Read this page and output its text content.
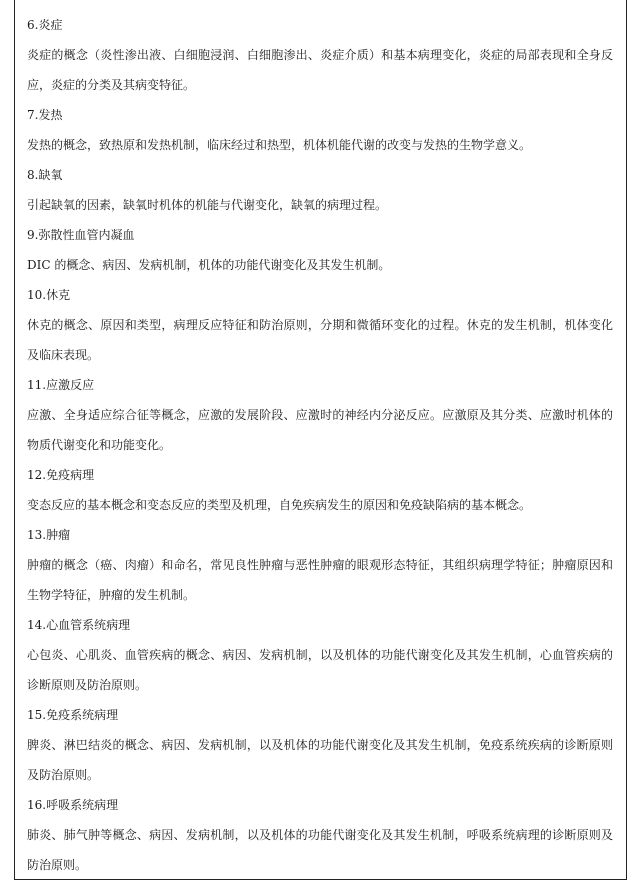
6.炎症
炎症的概念（炎性渗出液、白细胞浸润、白细胞渗出、炎症介质）和基本病理变化，炎症的局部表现和全身反应，炎症的分类及其病变特征。
7.发热
发热的概念，致热原和发热机制，临床经过和热型，机体机能代谢的改变与发热的生物学意义。
8.缺氧
引起缺氧的因素，缺氧时机体的机能与代谢变化，缺氧的病理过程。
9.弥散性血管内凝血
DIC 的概念、病因、发病机制，机体的功能代谢变化及其发生机制。
10.休克
休克的概念、原因和类型，病理反应特征和防治原则，分期和微循环变化的过程。休克的发生机制，机体变化及临床表现。
11.应激反应
应激、全身适应综合征等概念，应激的发展阶段、应激时的神经内分泌反应。应激原及其分类、应激时机体的物质代谢变化和功能变化。
12.免疫病理
变态反应的基本概念和变态反应的类型及机理，自免疾病发生的原因和免疫缺陷病的基本概念。
13.肿瘤
肿瘤的概念（癌、肉瘤）和命名，常见良性肿瘤与恶性肿瘤的眼观形态特征，其组织病理学特征；肿瘤原因和生物学特征，肿瘤的发生机制。
14.心血管系统病理
心包炎、心肌炎、血管疾病的概念、病因、发病机制，以及机体的功能代谢变化及其发生机制，心血管疾病的诊断原则及防治原则。
15.免疫系统病理
脾炎、淋巴结炎的概念、病因、发病机制，以及机体的功能代谢变化及其发生机制，免疫系统疾病的诊断原则及防治原则。
16.呼吸系统病理
肺炎、肺气肿等概念、病因、发病机制，以及机体的功能代谢变化及其发生机制，呼吸系统病理的诊断原则及防治原则。
